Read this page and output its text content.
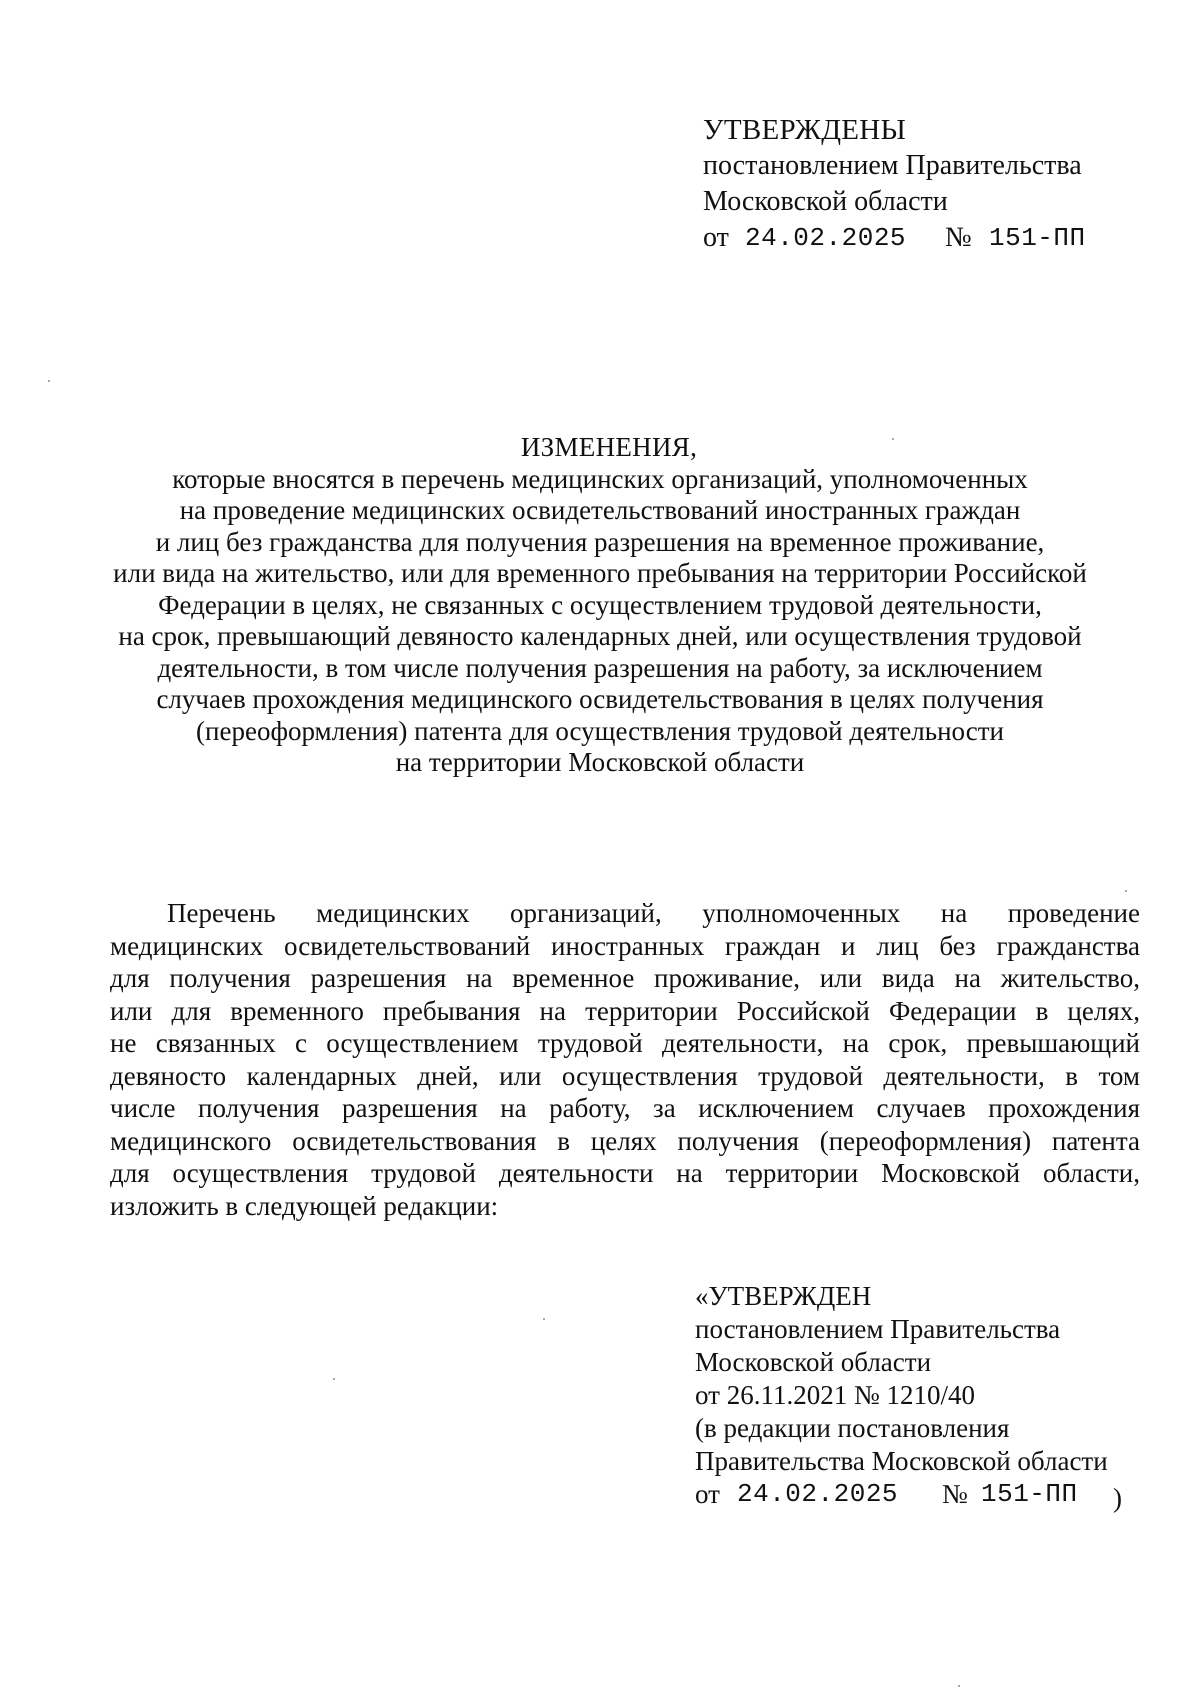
УТВЕРЖДЕНЫ
постановлением Правительства
Московской области
от 24.02.2025 № 151-ПП
ИЗМЕНЕНИЯ,
которые вносятся в перечень медицинских организаций, уполномоченных
на проведение медицинских освидетельствований иностранных граждан
и лиц без гражданства для получения разрешения на временное проживание,
или вида на жительство, или для временного пребывания на территории Российской
Федерации в целях, не связанных с осуществлением трудовой деятельности,
на срок, превышающий девяносто календарных дней, или осуществления трудовой
деятельности, в том числе получения разрешения на работу, за исключением
случаев прохождения медицинского освидетельствования в целях получения
(переоформления) патента для осуществления трудовой деятельности
на территории Московской области
Перечень медицинских организаций, уполномоченных на проведение
медицинских освидетельствований иностранных граждан и лиц без гражданства
для получения разрешения на временное проживание, или вида на жительство,
или для временного пребывания на территории Российской Федерации в целях,
не связанных с осуществлением трудовой деятельности, на срок, превышающий
девяносто календарных дней, или осуществления трудовой деятельности, в том
числе получения разрешения на работу, за исключением случаев прохождения
медицинского освидетельствования в целях получения (переоформления) патента
для осуществления трудовой деятельности на территории Московской области,
изложить в следующей редакции:
«УТВЕРЖДЕН
постановлением Правительства
Московской области
от 26.11.2021 № 1210/40
(в редакции постановления
Правительства Московской области
от 24.02.2025 № 151-ПП )
